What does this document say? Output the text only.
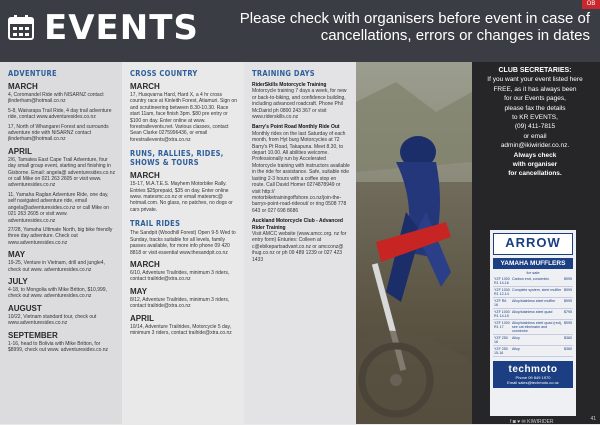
EVENTS	Please check with organisers before event in case of cancellations, errors or changes in dates
OB
ADVENTURE
MARCH
4, Coromandel Ride with NISARNZ contact jlinderham@hotmail.co.nz
5-8, Wairarapa Trail Ride, 4 day trail adventure ride, contact www.adventuresides.co.nz
17, North of Whangarei Forest and surrounds adventure ride with NISARNZ contact jlinderham@hotmail.co.nz
APRIL
2/6, Tamatea East Cape Trail Adventure, four day small group event, starting and finishing in Gisborne. Email: angela@ adventuresides.co.nz or call Mike on 021 263 2605 or visit www. adventuresides.co.nz
11, Yamaha Raglan Adventure Ride, one day, self navigated adventure ride, email angela@adventuresides.co.nz or call Mike on 021 263 2605 or visit www. adventuresides.co.nz
27/28, Yamaha Ultimate North, big bike friendly three day adventure. Check out www.adventuresides.co.nz
MAY
19-25, Venture in Vietnam, drill and jungle4, check out www. adventuresides.co.nz
JULY
4-18, to Mongolia with Mike Britton, $10,999, check out www. adventuresides.co.nz
AUGUST
10/22, Vietnam standard tour, check out www.adventuresides.co.nz
SEPTEMBER
1-16, head to Bolivia with Mike Britton, for $8999, check out www. adventuresides.co.nz
CROSS COUNTRY
MARCH
17, Husqvarna Hard, Hard X, a 4 hr cross country race at Kinleith Forest, Atiamuri. Sign on and scrutineering between 8.30-10.30. Race start 11am, face finish 3pm. $80 pre entry or $100 on day. Enter online at www. forestrailevents.net. Various classes, contact Sean Clarke 0275996436, or email forestrailevents@xtra.co.nz
RUNS, RALLIES, RIDES, SHOWS & TOURS
MARCH
15-17, M.A.T.E.S. Mayhem Motorbike Rally. Entries $25prepaid, $35 on day. Enter online www. matesmc.co.nz or email matesmc@ hotmail.com. No glass, no patches, no dogs or cars private.
TRAIL RIDES
The Sandpit (Woodhill Forest) Open 9-5 Wed to Sunday, tracks suitable for all levels, family passes available, for more info phone 09 420 8818 or visit essential www.thesandpit.co.nz
MARCH
6/10, Adventure Trailrides, minimum 3 riders, contact trailride@xtra.co.nz
MAY
8/12, Adventure Trailrides, minimum 3 riders, contact trailride@xtra.co.nz
APRIL
10/14, Adventure Trailrides, Motorcycle 5 day, minimum 3 riders, contact trailride@xtra.co.nz
TRAINING DAYS
RiderSkills Motorcycle Training
Motorcycle training 7 days a week, for new or back-to-biking, and confidence building, including advanced roadcraft. Phone Phil McDairid ph 0800 243 367 or visit www.riderskills.co.nz
Barry's Point Road Monthly Ride Out
Monthly rides on the last Saturday of each month, from Hyt burg Motorcycles at 72 Barry's Pt Road, Takapuna. Meet 8.30, to depart 10.00. All abilities welcome. Professionally run by Accelerated Motorcycle training with instructors available in the ride for assistance. Safe, suitable ride lasting 2-3 hours with a coffee stop en route. Call David Homer 0274878949 or visit http:// motorbiketrainingoffshore.co.nz/join-the-barrys-point-road-rideout/ or ring 0508 778 643 or 027 698 8686
Auckland Motorcycle Club - Advanced Rider Training
Visit AMCC website (www.amcc.org. nz for entry form) Enturies: Colleen at c@ebikepartsadvant.co.nz or amcconz@ ihug.co.nz or ph 09 489 1239 or 027 423 1433
CLUB SECRETARIES:
If you want your event listed here
FREE, as it has always been
for our Events pages,
please fax the details
to KR EVENTS,
(09) 411-7815
or email
admin@ikiwirider.co.nz.
Always check
with organiser
for cancellations.
ARROW
YAMAHA MUFFLERS
for sale
YZF 1000 R1 14-16	Carbon end, concentric	$995
YZF 1000 R1 12-14	Complete system, steel muffler	$995
YZF R6 16	Alloy/stainless steel muffler	$995
YZF 1000 R1 14-15	Alloy/stainless steel quad	$795
YZF 1000 R1 17	Alloy/stainless steel quad (red), see cat eliminator and connector	$995
YZF 250 16	Alloy	$380
YZF 250 15-16	Alloy	$380
techmoto
Phone 09 849 1970
Email sales@techmoto.co.nz
f ◙ ♥ ✉ KIWIRIDER	41
